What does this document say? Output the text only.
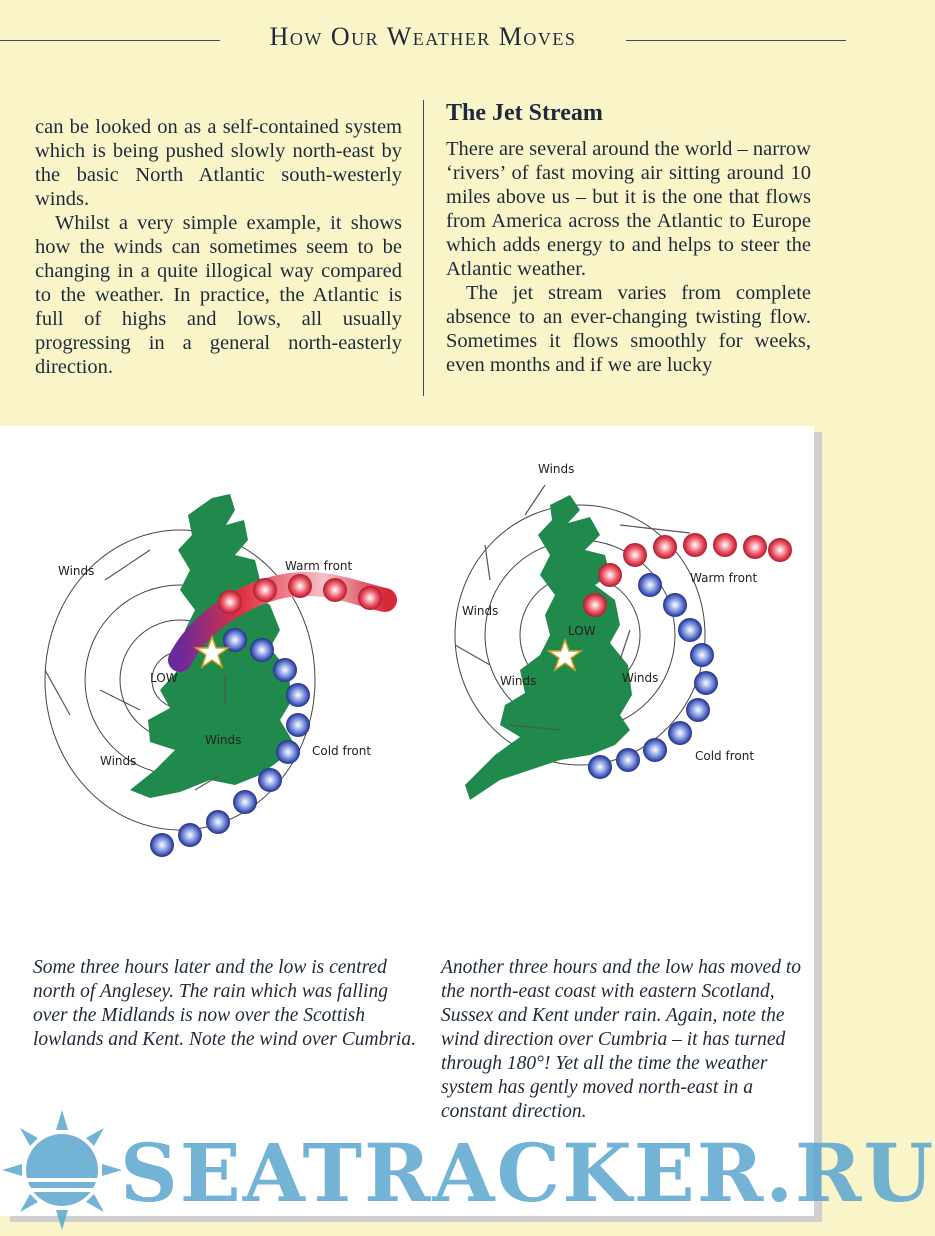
How Our Weather Moves

can be looked on as a self-contained system which is being pushed slowly north-east by the basic North Atlantic south-westerly winds.

Whilst a very simple example, it shows how the winds can sometimes seem to be changing in a quite illogical way compared to the weather. In practice, the Atlantic is full of highs and lows, all usually progressing in a general north-easterly direction.

The Jet Stream

There are several around the world – narrow ‘rivers’ of fast moving air sitting around 10 miles above us – but it is the one that flows from America across the Atlantic to Europe which adds energy to and helps to steer the Atlantic weather.

The jet stream varies from complete absence to an ever-changing twisting flow. Sometimes it flows smoothly for weeks, even months and if we are lucky

Winds
Winds
Winds
Warm front
Cold front
LOW
Winds
Winds
Winds	Winds
Warm front
Cold front
LOW
Some three hours later and the low is centred north of Anglesey. The rain which was falling over the Midlands is now over the Scottish lowlands and Kent. Note the wind over Cumbria.
Another three hours and the low has moved to the north-east coast with eastern Scotland, Sussex and Kent under rain. Again, note the wind direction over Cumbria – it has turned through 180°! Yet all the time the weather system has gently moved north-east in a constant direction.
SEATRACKER.RU
